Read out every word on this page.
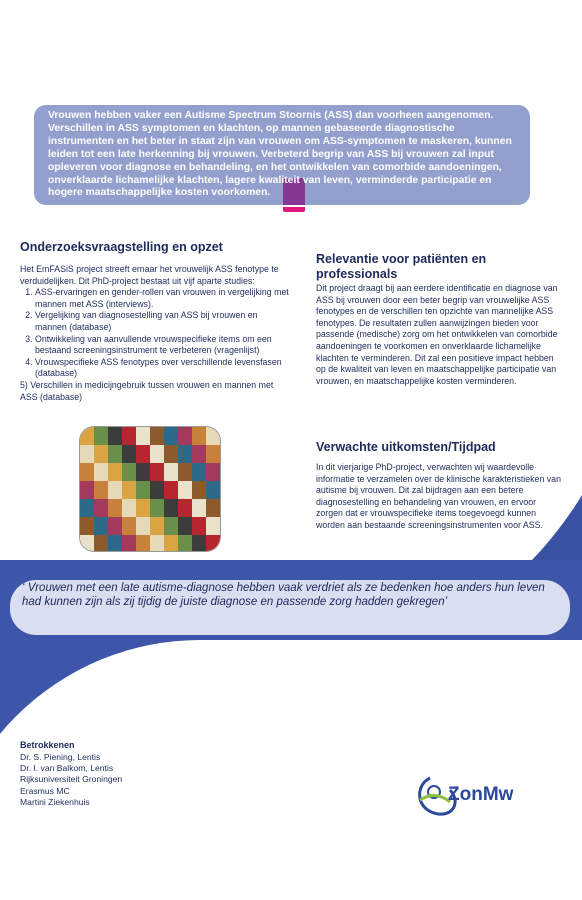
Elucidating Female AutiSm Study (EmFASiS)
Improving diagnosis and early intervention
Vrouwen hebben vaker een Autisme Spectrum Stoornis (ASS) dan voorheen aangenomen. Verschillen in ASS symptomen en klachten, op mannen gebaseerde diagnostische instrumenten en het beter in staat zijn van vrouwen om ASS-symptomen te maskeren, kunnen leiden tot een late herkenning bij vrouwen. Verbeterd begrip van ASS bij vrouwen zal input opleveren voor diagnose en behandeling, en het ontwikkelen van comorbide aandoeningen, onverklaarde lichamelijke klachten, lagere kwaliteit van leven, verminderde participatie en hogere maatschappelijke kosten voorkomen.
Onderzoeksvraagstelling en opzet
Het EmFASiS project streeft ernaar het vrouwelijk ASS fenotype te verduidelijken. Dit PhD-project bestaat uit vijf aparte studies:
1. ASS-ervaringen en gender-rollen van vrouwen in vergelijking met mannen met ASS (interviews).
2. Vergelijking van diagnosestelling van ASS bij vrouwen en mannen (database)
3. Ontwikkeling van aanvullende vrouwspecifieke items om een bestaand screeningsinstrument te verbeteren (vragenlijst)
4. Vrouwspecifieke ASS fenotypes over verschillende levensfasen (database)
5) Verschillen in medicijngebruik tussen vrouwen en mannen met ASS (database)
Relevantie voor patiënten en professionals
Dit project draagt bij aan eerdere identificatie en diagnose van ASS bij vrouwen door een beter begrip van vrouwelijke ASS fenotypes en de verschillen ten opzichte van mannelijke ASS fenotypes. De resultaten zullen aanwijzingen bieden voor passende (medische) zorg om het ontwikkelen van comorbide aandoeningen te voorkomen en onverklaarde lichamelijke klachten te verminderen. Dit zal een positieve impact hebben op de kwaliteit van leven en maatschappelijke participatie van vrouwen, en maatschappelijke kosten verminderen.
Verwachte uitkomsten/Tijdpad
In dit vierjarige PhD-project, verwachten wij waardevolle informatie te verzamelen over de klinische karakteristieken van autisme bij vrouwen. Dit zal bijdragen aan een betere diagnosestelling en behandeling van vrouwen, en ervoor zorgen dat er vrouwspecifieke items toegevoegd kunnen worden aan bestaande screeningsinstrumenten voor ASS.
‘ Vrouwen met een late autisme-diagnose hebben vaak verdriet als ze bedenken hoe anders hun leven had kunnen zijn als zij tijdig de juiste diagnose en passende zorg hadden gekregen’
Betrokkenen
Dr. S. Piening, Lentis
Dr. I. van Balkom, Lentis
Rijksuniversiteit Groningen
Erasmus MC
Martini Ziekenhuis	ZonMw
